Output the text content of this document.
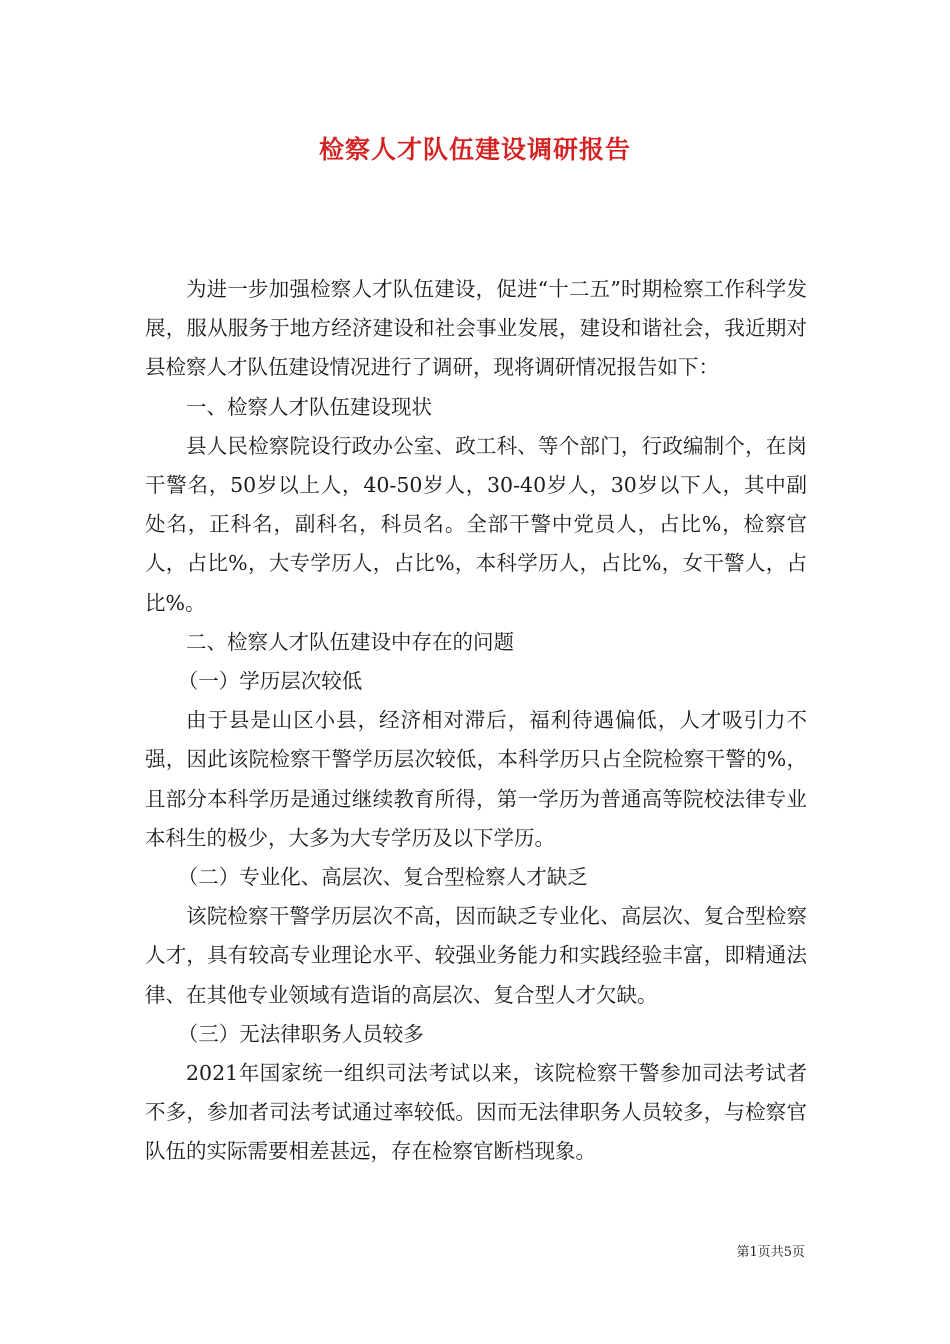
检察人才队伍建设调研报告

为进一步加强检察人才队伍建设，促进“十二五”时期检察工作科学发展，服从服务于地方经济建设和社会事业发展，建设和谐社会，我近期对县检察人才队伍建设情况进行了调研，现将调研情况报告如下：

一、检察人才队伍建设现状

县人民检察院设行政办公室、政工科、等个部门，行政编制个，在岗干警名，50岁以上人，40-50岁人，30-40岁人，30岁以下人，其中副处名，正科名，副科名，科员名。全部干警中党员人，占比%，检察官人，占比%，大专学历人，占比%，本科学历人，占比%，女干警人，占比%。

二、检察人才队伍建设中存在的问题

（一）学历层次较低

由于县是山区小县，经济相对滞后，福利待遇偏低，人才吸引力不强，因此该院检察干警学历层次较低，本科学历只占全院检察干警的%，且部分本科学历是通过继续教育所得，第一学历为普通高等院校法律专业本科生的极少，大多为大专学历及以下学历。

（二）专业化、高层次、复合型检察人才缺乏

该院检察干警学历层次不高，因而缺乏专业化、高层次、复合型检察人才，具有较高专业理论水平、较强业务能力和实践经验丰富，即精通法律、在其他专业领域有造诣的高层次、复合型人才欠缺。

（三）无法律职务人员较多

2021年国家统一组织司法考试以来，该院检察干警参加司法考试者不多，参加者司法考试通过率较低。因而无法律职务人员较多，与检察官队伍的实际需要相差甚远，存在检察官断档现象。

第1页共5页
